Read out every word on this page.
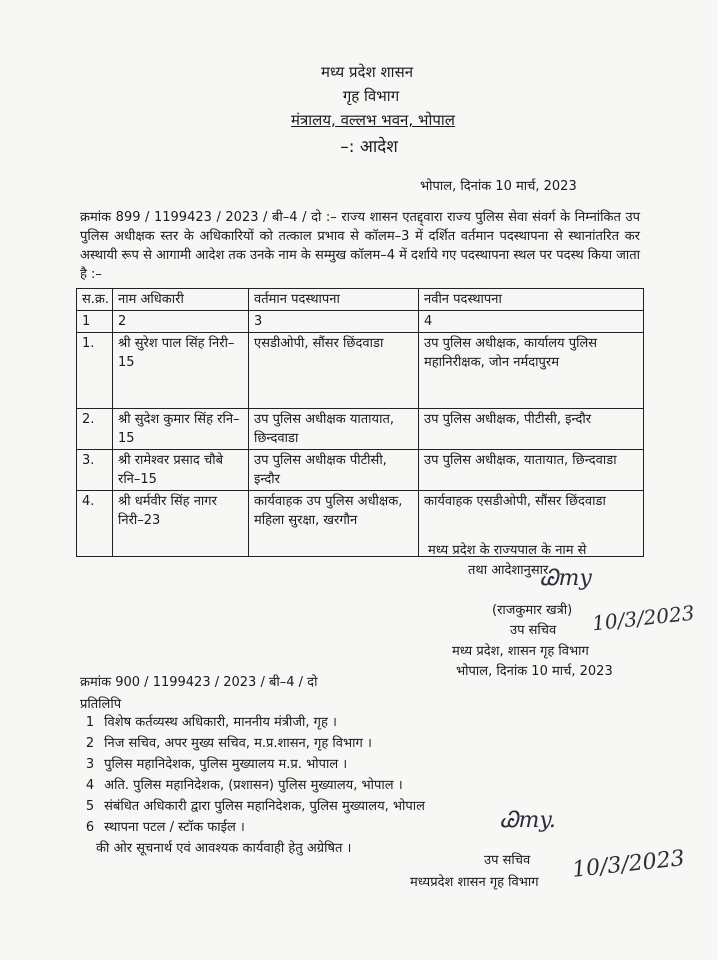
मध्य प्रदेश शासन
गृह विभाग
मंत्रालय, वल्लभ भवन, भोपाल
–: आदेश
भोपाल, दिनांक 10 मार्च, 2023
क्रमांक 899 / 1199423 / 2023 / बी–4 / दो :– राज्य शासन एतद्द्वारा राज्य पुलिस सेवा संवर्ग के निम्नांकित उप पुलिस अधीक्षक स्तर के अधिकारियों को तत्काल प्रभाव से कॉलम–3 में दर्शित वर्तमान पदस्थापना से स्थानांतरित कर अस्थायी रूप से आगामी आदेश तक उनके नाम के सम्मुख कॉलम–4 में दर्शाये गए पदस्थापना स्थल पर पदस्थ किया जाता है :–
स.क्र.	नाम अधिकारी	वर्तमान पदस्थापना	नवीन पदस्थापना
1	2	3	4
1.	श्री सुरेश पाल सिंह निरी–15	एसडीओपी, सौंसर छिंदवाडा	उप पुलिस अधीक्षक, कार्यालय पुलिस महानिरीक्षक, जोन नर्मदापुरम
2.	श्री सुदेश कुमार सिंह रनि– 15	उप पुलिस अधीक्षक यातायात, छिन्दवाडा	उप पुलिस अधीक्षक, पीटीसी, इन्दौर
3.	श्री रामेश्वर प्रसाद चौबे रनि–15	उप पुलिस अधीक्षक पीटीसी, इन्दौर	उप पुलिस अधीक्षक, यातायात, छिन्दवाडा
4.	श्री धर्मवीर सिंह नागर निरी–23	कार्यवाहक उप पुलिस अधीक्षक, महिला सुरक्षा, खरगौन	कार्यवाहक एसडीओपी, सौंसर छिंदवाडा
मध्य प्रदेश के राज्यपाल के नाम से
तथा आदेशानुसार
Ꮚmy
(राजकुमार खत्री)
उप सचिव 10/3/2023
मध्य प्रदेश, शासन गृह विभाग
भोपाल, दिनांक 10 मार्च, 2023
क्रमांक 900 / 1199423 / 2023 / बी–4 / दो
प्रतिलिपि
1 विशेष कर्तव्यस्थ अधिकारी, माननीय मंत्रीजी, गृह ।
2 निज सचिव, अपर मुख्य सचिव, म.प्र.शासन, गृह विभाग ।
3 पुलिस महानिदेशक, पुलिस मुख्यालय म.प्र. भोपाल ।
4 अति. पुलिस महानिदेशक, (प्रशासन) पुलिस मुख्यालय, भोपाल ।
5 संबंधित अधिकारी द्वारा पुलिस महानिदेशक, पुलिस मुख्यालय, भोपाल
6 स्थापना पटल / स्टॉक फाईल ।
की ओर सूचनार्थ एवं आवश्यक कार्यवाही हेतु अग्रेषित ।
Ꮚmy.
उप सचिव
मध्यप्रदेश शासन गृह विभाग 10/3/2023
